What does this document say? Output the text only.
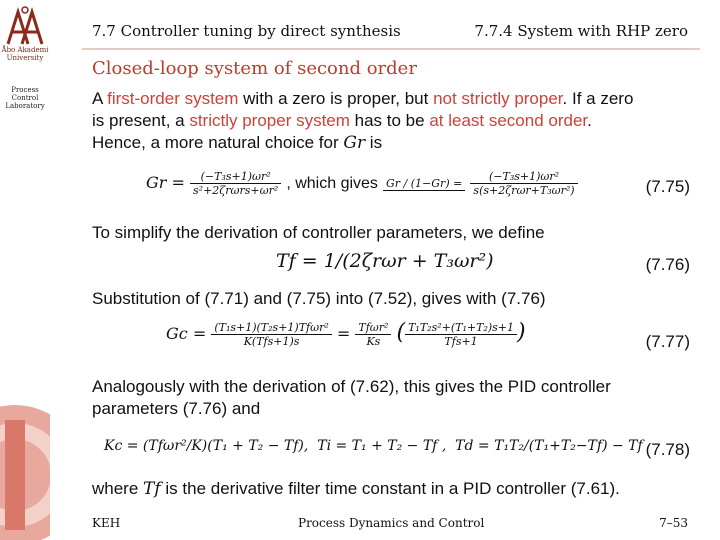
Åbo Akademi University
Process Control Laboratory
7.7 Controller tuning by direct synthesis	7.7.4 System with RHP zero
Closed-loop system of second order
A first-order system with a zero is proper, but not strictly proper. If a zero
is present, a strictly proper system has to be at least second order.
Hence, a more natural choice for Gr is
$Gr = \frac{\text{(−T₃s+1)ωr²}}{\text{s²+2ζrωrs+ωr²}}$ , which gives Gr / (1−Gr) =
$\frac{\text{(−T₃s+1)ωr²}}{\text{s(s+2ζrωr+T₃ωr²)}}$	(7.75)
To simplify the derivation of controller parameters, we define
Tf = 1/(2ζrωr + T₃ωr²)	(7.76)
Substitution of (7.71) and (7.75) into (7.52), gives with (7.76)
$Gc = \frac{\text{(T₁s+1)(T₂s+1)Tfωr²}}{\text{K(Tfs+1)s}} = \frac{\text{Tfωr²}}{Ks}$ ( $\frac{\text{T₁T₂s²+(T₁+T₂)s+1}}{\text{Tfs+1}}$ )	(7.77)
Analogously with the derivation of (7.62), this gives the PID controller
parameters (7.76) and
Kc = (Tfωr²/K)(T₁ + T₂ − Tf), Ti = T₁ + T₂ − Tf , Td = T₁T₂/(T₁+T₂−Tf) − Tf (7.78)
where Tf is the derivative filter time constant in a PID controller (7.61).
KEH	Process Dynamics and Control	7–53
